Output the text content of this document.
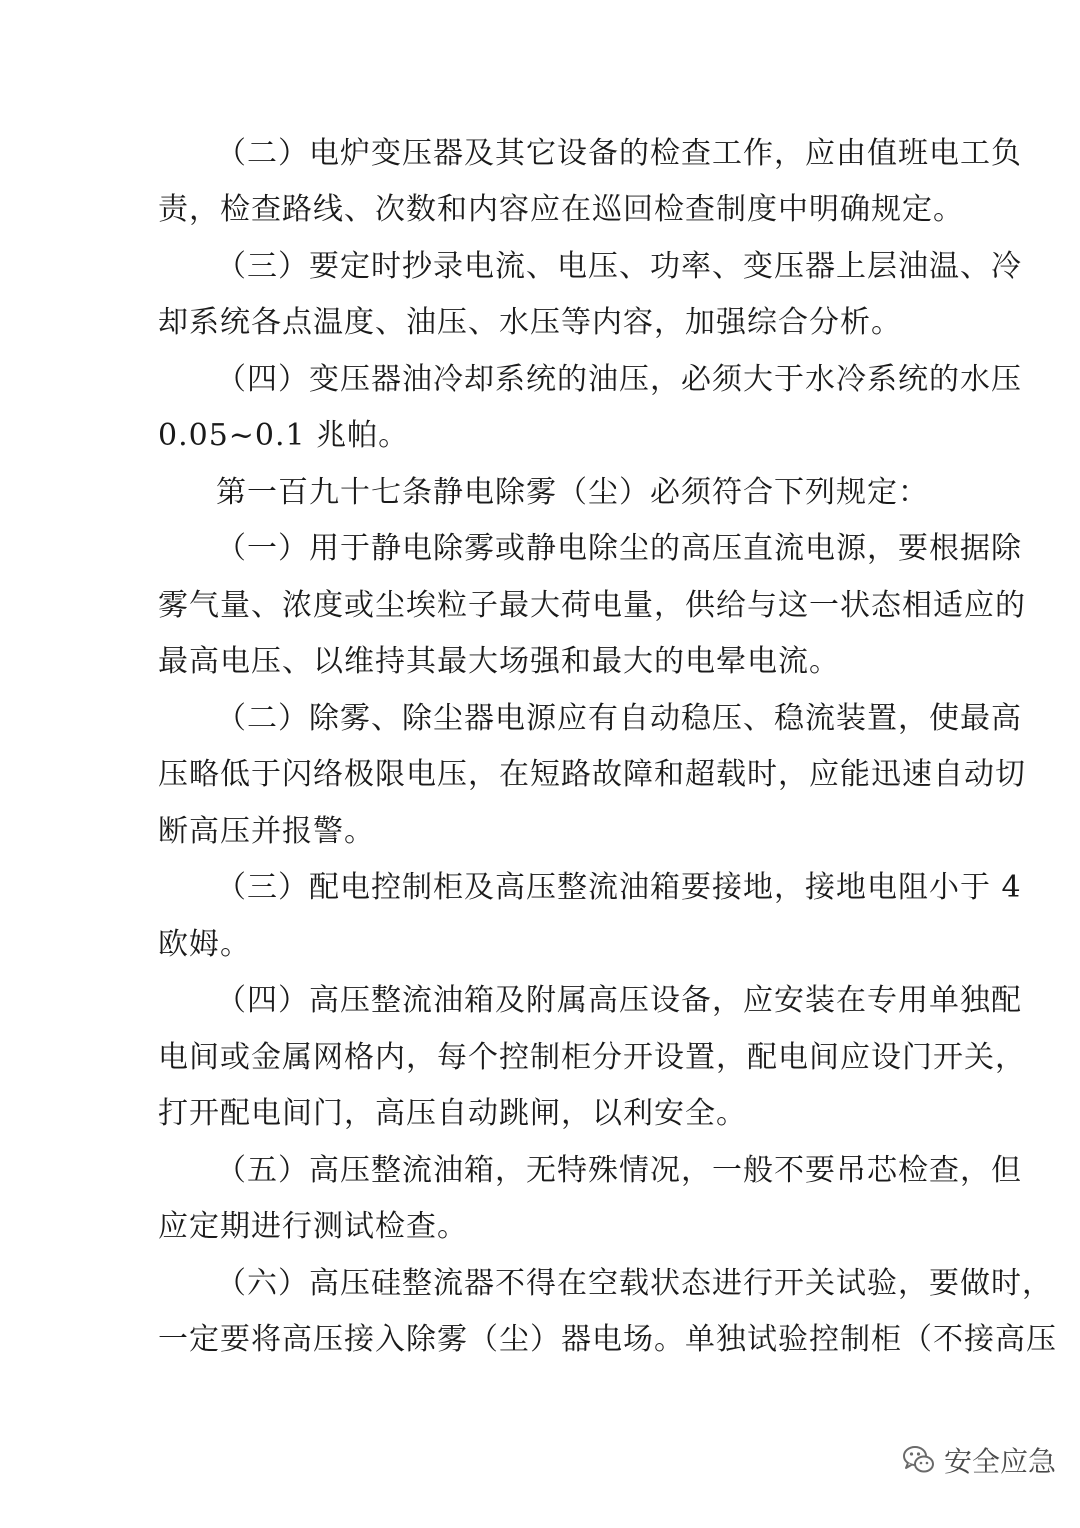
（二）电炉变压器及其它设备的检查工作，应由值班电工负
责，检查路线、次数和内容应在巡回检查制度中明确规定。
（三）要定时抄录电流、电压、功率、变压器上层油温、冷
却系统各点温度、油压、水压等内容，加强综合分析。
（四）变压器油冷却系统的油压，必须大于水冷系统的水压
0.05~0.1 兆帕。
第一百九十七条静电除雾（尘）必须符合下列规定：
（一）用于静电除雾或静电除尘的高压直流电源，要根据除
雾气量、浓度或尘埃粒子最大荷电量，供给与这一状态相适应的
最高电压、以维持其最大场强和最大的电晕电流。
（二）除雾、除尘器电源应有自动稳压、稳流装置，使最高
压略低于闪络极限电压，在短路故障和超载时，应能迅速自动切
断高压并报警。
（三）配电控制柜及高压整流油箱要接地，接地电阻小于 4
欧姆。
（四）高压整流油箱及附属高压设备，应安装在专用单独配
电间或金属网格内，每个控制柜分开设置，配电间应设门开关，
打开配电间门，高压自动跳闸，以利安全。
（五）高压整流油箱，无特殊情况，一般不要吊芯检查，但
应定期进行测试检查。
（六）高压硅整流器不得在空载状态进行开关试验，要做时，
一定要将高压接入除雾（尘）器电场。单独试验控制柜（不接高压
安全应急
